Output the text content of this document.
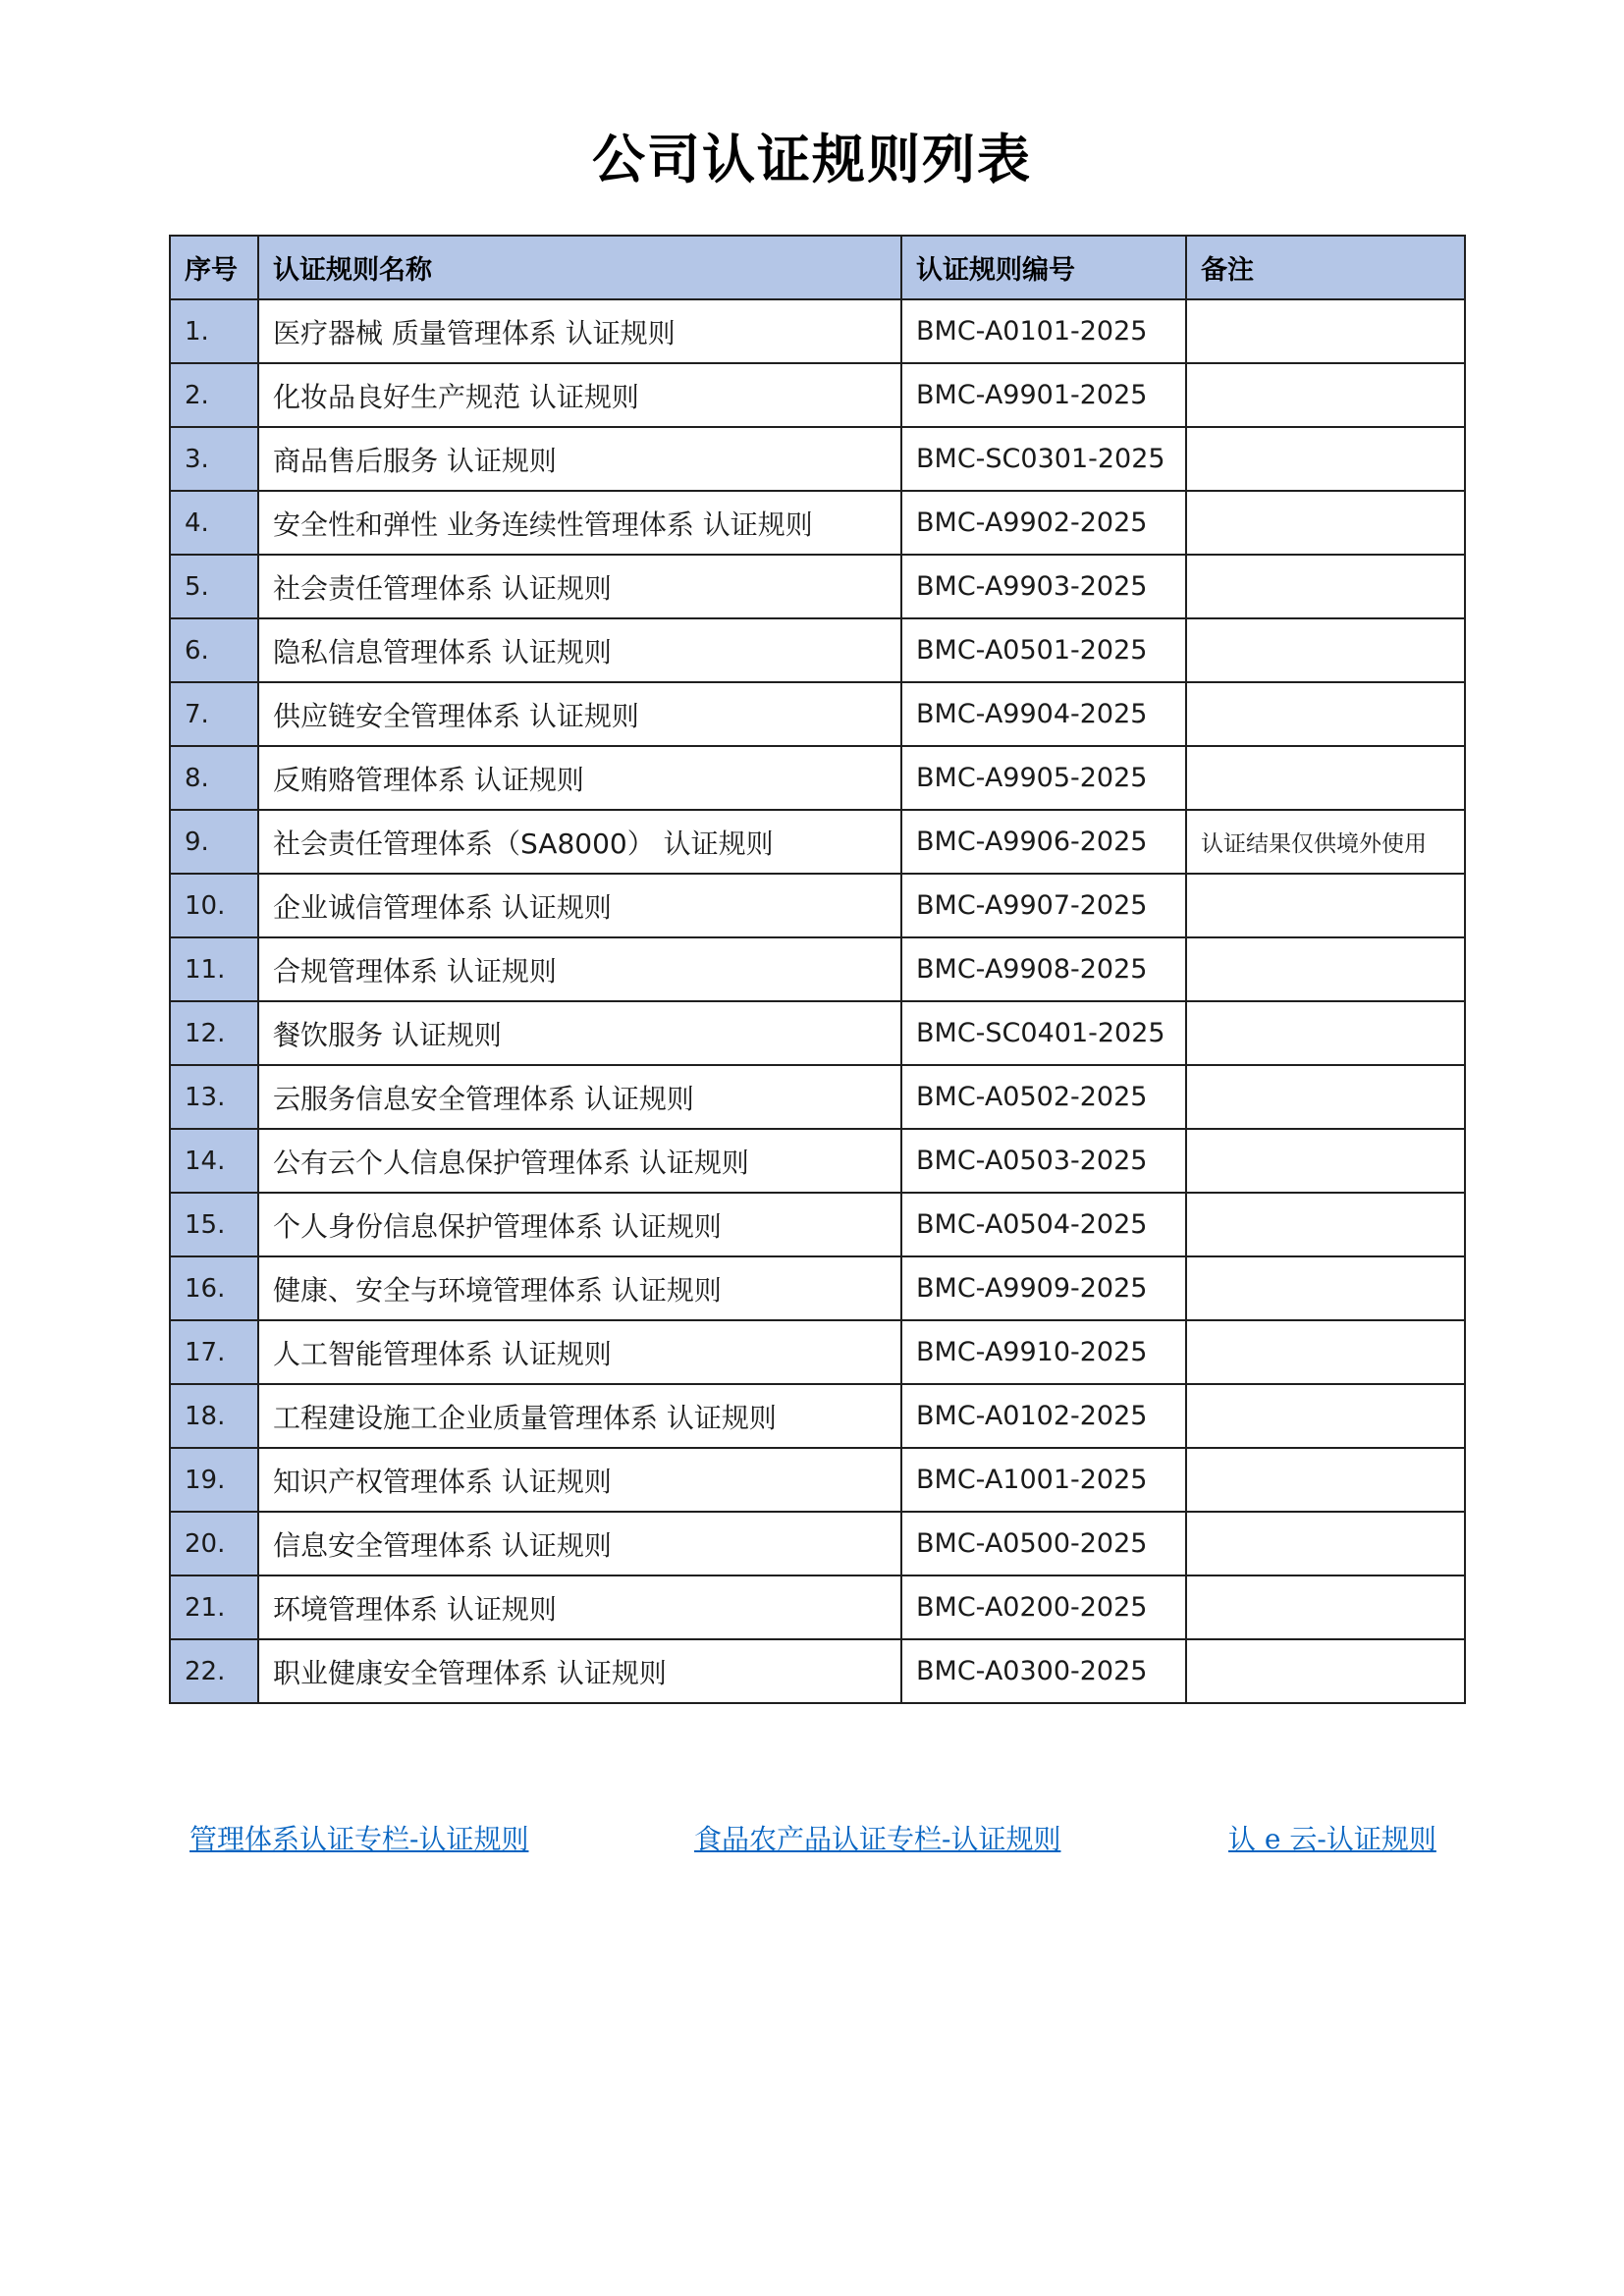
公司认证规则列表
序号	认证规则名称	认证规则编号	备注
1.	医疗器械 质量管理体系 认证规则	BMC-A0101-2025	
2.	化妆品良好生产规范 认证规则	BMC-A9901-2025	
3.	商品售后服务 认证规则	BMC-SC0301-2025	
4.	安全性和弹性 业务连续性管理体系 认证规则	BMC-A9902-2025	
5.	社会责任管理体系 认证规则	BMC-A9903-2025	
6.	隐私信息管理体系 认证规则	BMC-A0501-2025	
7.	供应链安全管理体系 认证规则	BMC-A9904-2025	
8.	反贿赂管理体系 认证规则	BMC-A9905-2025	
9.	社会责任管理体系（SA8000） 认证规则	BMC-A9906-2025	认证结果仅供境外使用
10.	企业诚信管理体系 认证规则	BMC-A9907-2025	
11.	合规管理体系 认证规则	BMC-A9908-2025	
12.	餐饮服务 认证规则	BMC-SC0401-2025	
13.	云服务信息安全管理体系 认证规则	BMC-A0502-2025	
14.	公有云个人信息保护管理体系 认证规则	BMC-A0503-2025	
15.	个人身份信息保护管理体系 认证规则	BMC-A0504-2025	
16.	健康、安全与环境管理体系 认证规则	BMC-A9909-2025	
17.	人工智能管理体系 认证规则	BMC-A9910-2025	
18.	工程建设施工企业质量管理体系 认证规则	BMC-A0102-2025	
19.	知识产权管理体系 认证规则	BMC-A1001-2025	
20.	信息安全管理体系 认证规则	BMC-A0500-2025	
21.	环境管理体系 认证规则	BMC-A0200-2025	
22.	职业健康安全管理体系 认证规则	BMC-A0300-2025	
管理体系认证专栏-认证规则	食品农产品认证专栏-认证规则	认 e 云-认证规则
